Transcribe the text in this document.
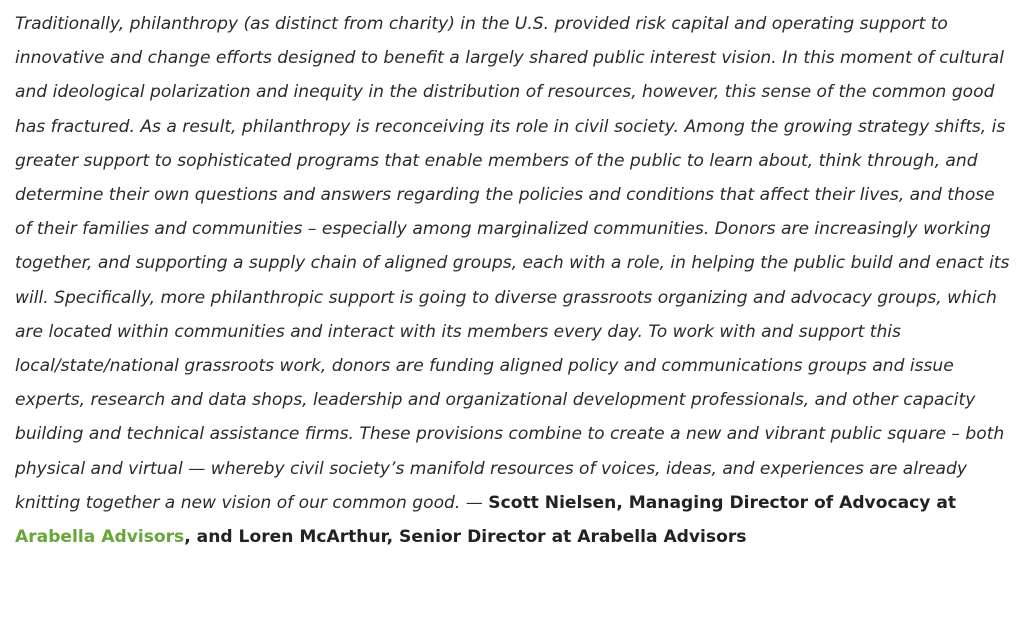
Traditionally, philanthropy (as distinct from charity) in the U.S. provided risk capital and operating support to innovative and change efforts designed to benefit a largely shared public interest vision. In this moment of cultural and ideological polarization and inequity in the distribution of resources, however, this sense of the common good has fractured. As a result, philanthropy is reconceiving its role in civil society. Among the growing strategy shifts, is greater support to sophisticated programs that enable members of the public to learn about, think through, and determine their own questions and answers regarding the policies and conditions that affect their lives, and those of their families and communities – especially among marginalized communities. Donors are increasingly working together, and supporting a supply chain of aligned groups, each with a role, in helping the public build and enact its will. Specifically, more philanthropic support is going to diverse grassroots organizing and advocacy groups, which are located within communities and interact with its members every day. To work with and support this local/state/national grassroots work, donors are funding aligned policy and communications groups and issue experts, research and data shops, leadership and organizational development professionals, and other capacity building and technical assistance firms. These provisions combine to create a new and vibrant public square – both physical and virtual — whereby civil society’s manifold resources of voices, ideas, and experiences are already knitting together a new vision of our common good. — Scott Nielsen, Managing Director of Advocacy at Arabella Advisors, and Loren McArthur, Senior Director at Arabella Advisors
